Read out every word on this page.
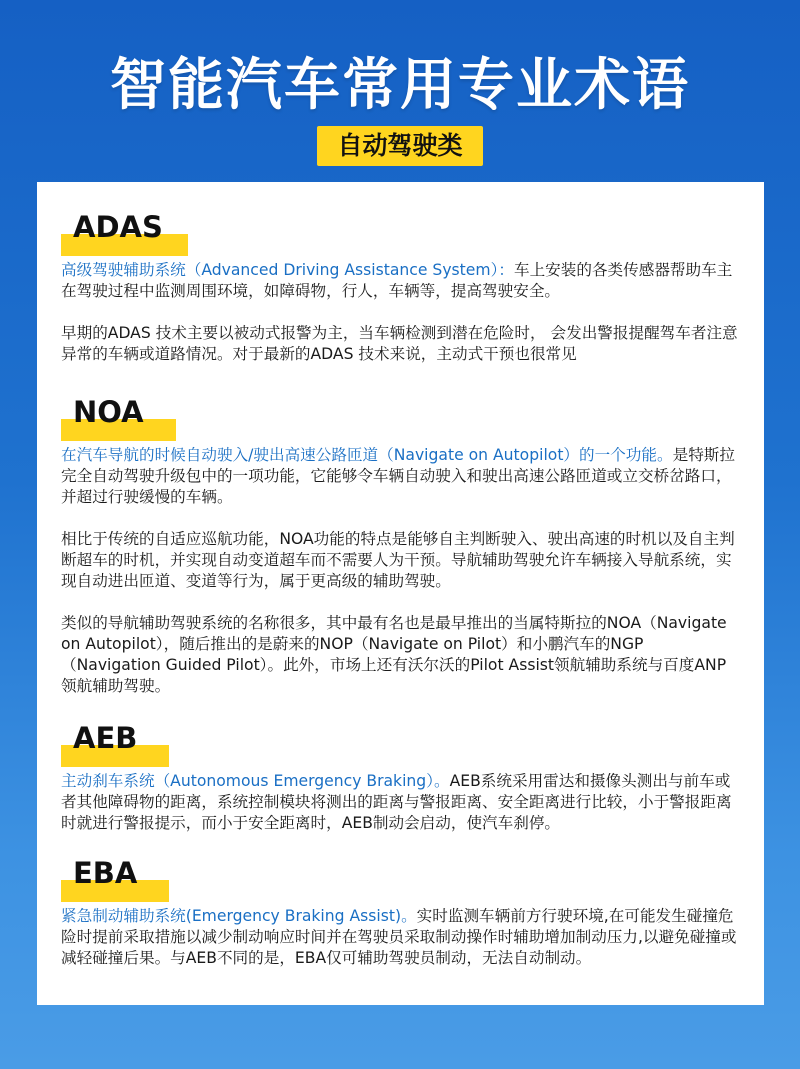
智能汽车常用专业术语
自动驾驶类
ADAS

高级驾驶辅助系统（Advanced Driving Assistance System）：车上安装的各类传感器帮助车主在驾驶过程中监测周围环境，如障碍物，行人，车辆等，提高驾驶安全。

早期的ADAS 技术主要以被动式报警为主，当车辆检测到潜在危险时， 会发出警报提醒驾车者注意异常的车辆或道路情况。对于最新的ADAS 技术来说，主动式干预也很常见

NOA

在汽车导航的时候自动驶入/驶出高速公路匝道（Navigate on Autopilot）的一个功能。是特斯拉完全自动驾驶升级包中的一项功能，它能够令车辆自动驶入和驶出高速公路匝道或立交桥岔路口，并超过行驶缓慢的车辆。

相比于传统的自适应巡航功能，NOA功能的特点是能够自主判断驶入、驶出高速的时机以及自主判断超车的时机，并实现自动变道超车而不需要人为干预。导航辅助驾驶允许车辆接入导航系统，实现自动进出匝道、变道等行为，属于更高级的辅助驾驶。

类似的导航辅助驾驶系统的名称很多，其中最有名也是最早推出的当属特斯拉的NOA（Navigate on Autopilot），随后推出的是蔚来的NOP（Navigate on Pilot）和小鹏汽车的NGP（Navigation Guided Pilot）。此外，市场上还有沃尔沃的Pilot Assist领航辅助系统与百度ANP领航辅助驾驶。

AEB

主动刹车系统（Autonomous Emergency Braking）。AEB系统采用雷达和摄像头测出与前车或者其他障碍物的距离，系统控制模块将测出的距离与警报距离、安全距离进行比较，小于警报距离时就进行警报提示，而小于安全距离时，AEB制动会启动，使汽车刹停。

EBA

紧急制动辅助系统(Emergency Braking Assist)。实时监测车辆前方行驶环境,在可能发生碰撞危险时提前采取措施以减少制动响应时间并在驾驶员采取制动操作时辅助增加制动压力,以避免碰撞或减轻碰撞后果。与AEB不同的是，EBA仅可辅助驾驶员制动，无法自动制动。
